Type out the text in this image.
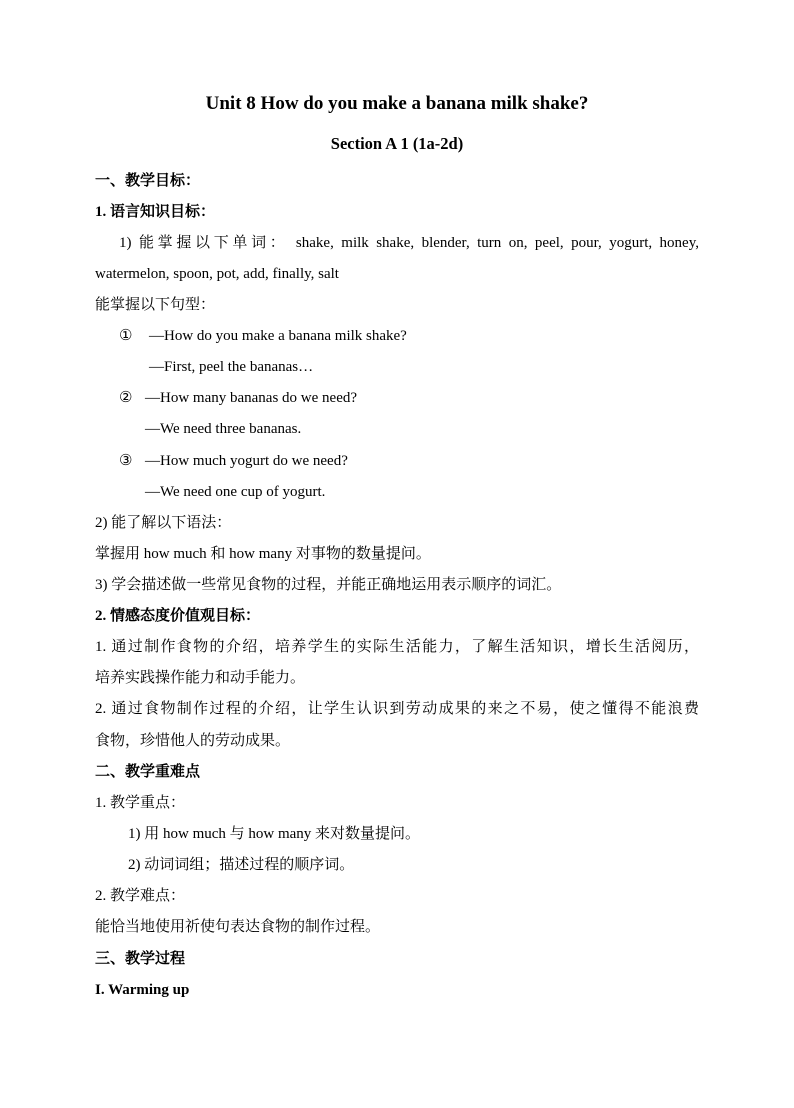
Unit 8 How do you make a banana milk shake?
Section A 1 (1a-2d)
一、教学目标：
1. 语言知识目标：
1) 能掌握以下单词： shake, milk shake, blender, turn on, peel, pour, yogurt, honey,
watermelon, spoon, pot, add, finally, salt
能掌握以下句型：
① —How do you make a banana milk shake?
—First, peel the bananas…
② —How many bananas do we need?
—We need three bananas.
③ —How much yogurt do we need?
—We need one cup of yogurt.
2) 能了解以下语法：
掌握用 how much 和 how many 对事物的数量提问。
3) 学会描述做一些常见食物的过程，并能正确地运用表示顺序的词汇。
2. 情感态度价值观目标：
1. 通过制作食物的介绍，培养学生的实际生活能力，了解生活知识，增长生活阅历，
培养实践操作能力和动手能力。
2. 通过食物制作过程的介绍，让学生认识到劳动成果的来之不易，使之懂得不能浪费
食物，珍惜他人的劳动成果。
二、教学重难点
1. 教学重点：
1) 用 how much 与 how many 来对数量提问。
2) 动词词组；描述过程的顺序词。
2. 教学难点：
能恰当地使用祈使句表达食物的制作过程。
三、教学过程
I. Warming up
